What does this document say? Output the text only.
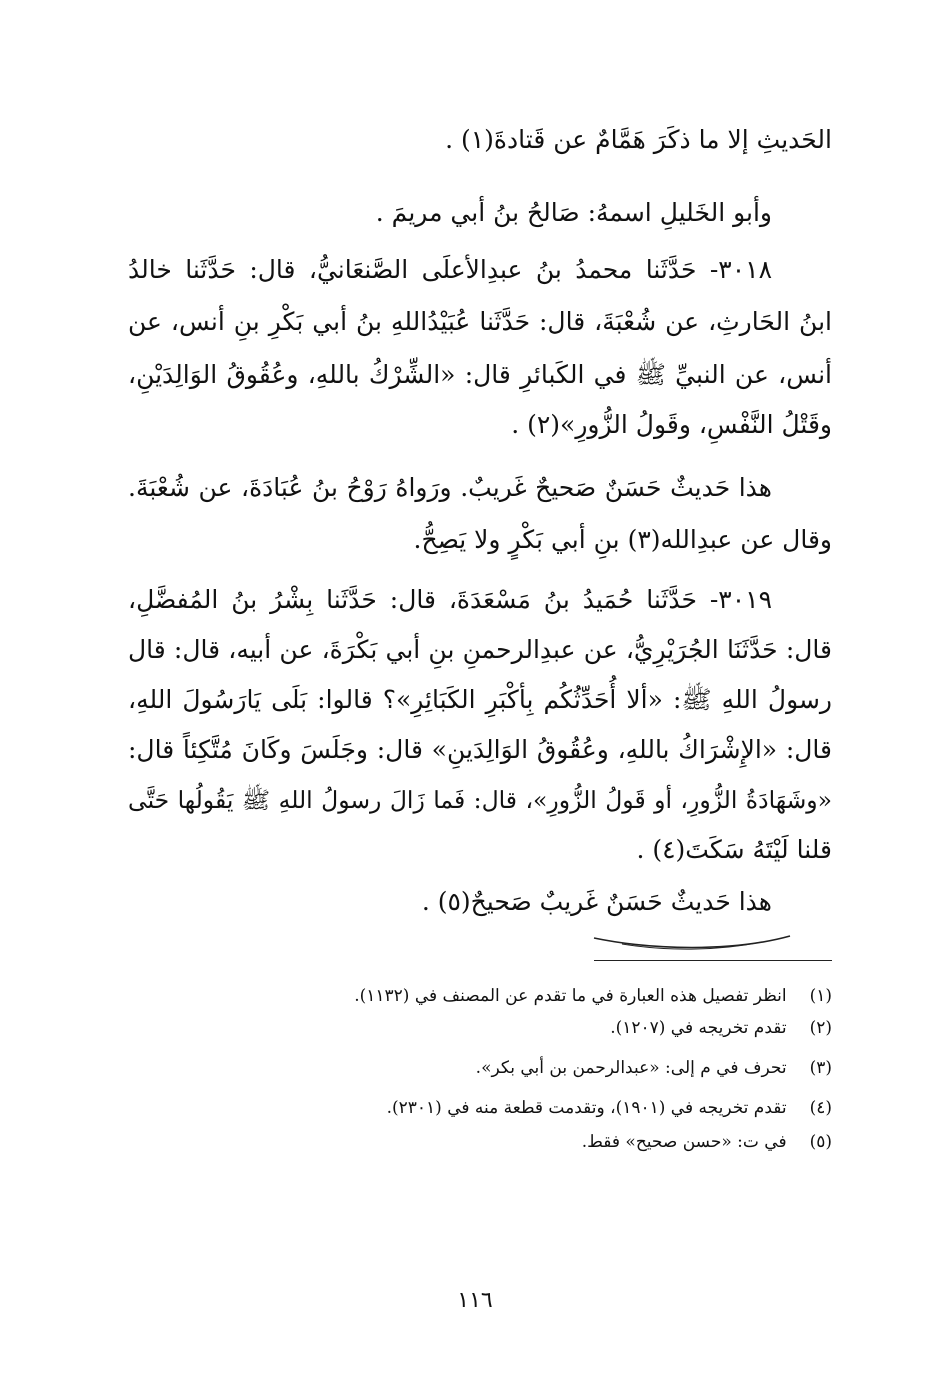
الحَديثِ إلا ما ذكَرَ هَمَّامٌ عن قَتادةَ(١) .
وأبو الخَليلِ اسمهُ: صَالحُ بنُ أبي مريمَ .
٣٠١٨- حَدَّثَنا محمدُ بنُ عبدِالأعلَى الصَّنعَانيُّ، قال: حَدَّثَنا خالدُ
ابنُ الحَارثِ، عن شُعْبَةَ، قال: حَدَّثَنا عُبَيْدُاللهِ بنُ أبي بَكْرِ بنِ أنس، عن
أنس، عن النبيِّ ﷺ في الكَبائرِ قال: «الشِّرْكُ باللهِ، وعُقُوقُ الوَالِدَيْنِ،
وقَتْلُ النَّفْسِ، وقَولُ الزُّورِ»(٢) .
هذا حَديثٌ حَسَنٌ صَحيحٌ غَريبٌ. ورَواهُ رَوْحُ بنُ عُبَادَةَ، عن شُعْبَةَ.
وقال عن عبدِالله(٣) بنِ أبي بَكْرٍ ولا يَصِحُّ.
٣٠١٩- حَدَّثَنا حُمَيدُ بنُ مَسْعَدَةَ، قال: حَدَّثَنا بِشْرُ بنُ المُفضَّلِ،
قال: حَدَّثَنَا الجُرَيْرِيُّ، عن عبدِالرحمنِ بنِ أبي بَكْرَةَ، عن أبيه، قال: قال
رسولُ اللهِ ﷺ: «ألا أُحَدِّثُكُم بِأكْبَرِ الكَبَائِرِ»؟ قالوا: بَلَى يَارَسُولَ اللهِ،
قال: «الإِشْرَاكُ باللهِ، وعُقُوقُ الوَالِدَينِ» قال: وجَلَسَ وكَانَ مُتَّكِئاً قال:
«وشَهَادَةُ الزُّورِ، أو قَولُ الزُّورِ»، قال: فَما زَالَ رسولُ اللهِ ﷺ يَقُولُها حَتَّى
قلنا لَيْتَهُ سَكَتَ(٤) .
هذا حَديثٌ حَسَنٌ غَريبٌ صَحيحٌ(٥) .
(١) انظر تفصيل هذه العبارة في ما تقدم عن المصنف في (١١٣٢).
(٢) تقدم تخريجه في (١٢٠٧).
(٣) تحرف في م إلى: «عبدالرحمن بن أبي بكر».
(٤) تقدم تخريجه في (١٩٠١)، وتقدمت قطعة منه في (٢٣٠١).
(٥) في ت: «حسن صحيح» فقط.
١١٦
